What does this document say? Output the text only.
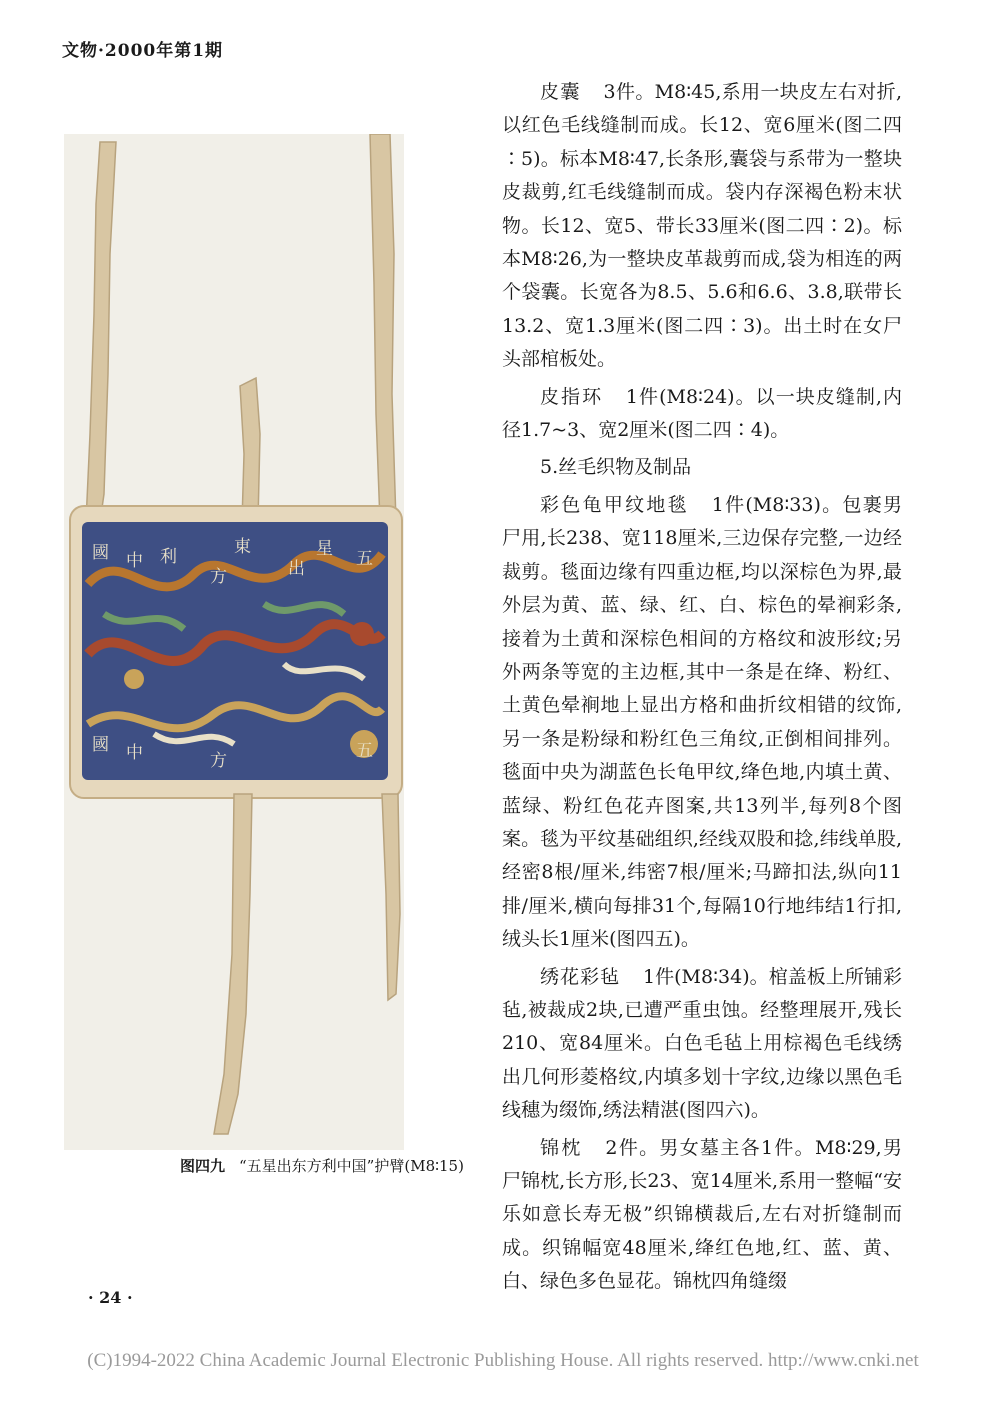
文物·2000年第1期
國 中 利	東
方	出
星 五
國 中	方	五
图四九 “五星出东方利中国”护臂(M8∶15)

皮囊 3件。M8∶45,系用一块皮左右对折,以红色毛线缝制而成。长12、宽6厘米(图二四∶5)。标本M8∶47,长条形,囊袋与系带为一整块皮裁剪,红毛线缝制而成。袋内存深褐色粉末状物。长12、宽5、带长33厘米(图二四∶2)。标本M8∶26,为一整块皮革裁剪而成,袋为相连的两个袋囊。长宽各为8.5、5.6和6.6、3.8,联带长13.2、宽1.3厘米(图二四∶3)。出土时在女尸头部棺板处。

皮指环 1件(M8∶24)。以一块皮缝制,内径1.7~3、宽2厘米(图二四∶4)。

5.丝毛织物及制品

彩色龟甲纹地毯 1件(M8∶33)。包裹男尸用,长238、宽118厘米,三边保存完整,一边经裁剪。毯面边缘有四重边框,均以深棕色为界,最外层为黄、蓝、绿、红、白、棕色的晕裥彩条,接着为土黄和深棕色相间的方格纹和波形纹;另外两条等宽的主边框,其中一条是在绛、粉红、土黄色晕裥地上显出方格和曲折纹相错的纹饰,另一条是粉绿和粉红色三角纹,正倒相间排列。毯面中央为湖蓝色长龟甲纹,绛色地,内填土黄、蓝绿、粉红色花卉图案,共13列半,每列8个图案。毯为平纹基础组织,经线双股和捻,纬线单股,经密8根/厘米,纬密7根/厘米;马蹄扣法,纵向11排/厘米,横向每排31个,每隔10行地纬结1行扣,绒头长1厘米(图四五)。

绣花彩毡 1件(M8∶34)。棺盖板上所铺彩毡,被裁成2块,已遭严重虫蚀。经整理展开,残长210、宽84厘米。白色毛毡上用棕褐色毛线绣出几何形菱格纹,内填多划十字纹,边缘以黑色毛线穗为缀饰,绣法精湛(图四六)。

锦枕 2件。男女墓主各1件。M8∶29,男尸锦枕,长方形,长23、宽14厘米,系用一整幅“安乐如意长寿无极”织锦横裁后,左右对折缝制而成。织锦幅宽48厘米,绛红色地,红、蓝、黄、白、绿色多色显花。锦枕四角缝缀

· 24 ·
(C)1994-2022 China Academic Journal Electronic Publishing House. All rights reserved. http://www.cnki.net
